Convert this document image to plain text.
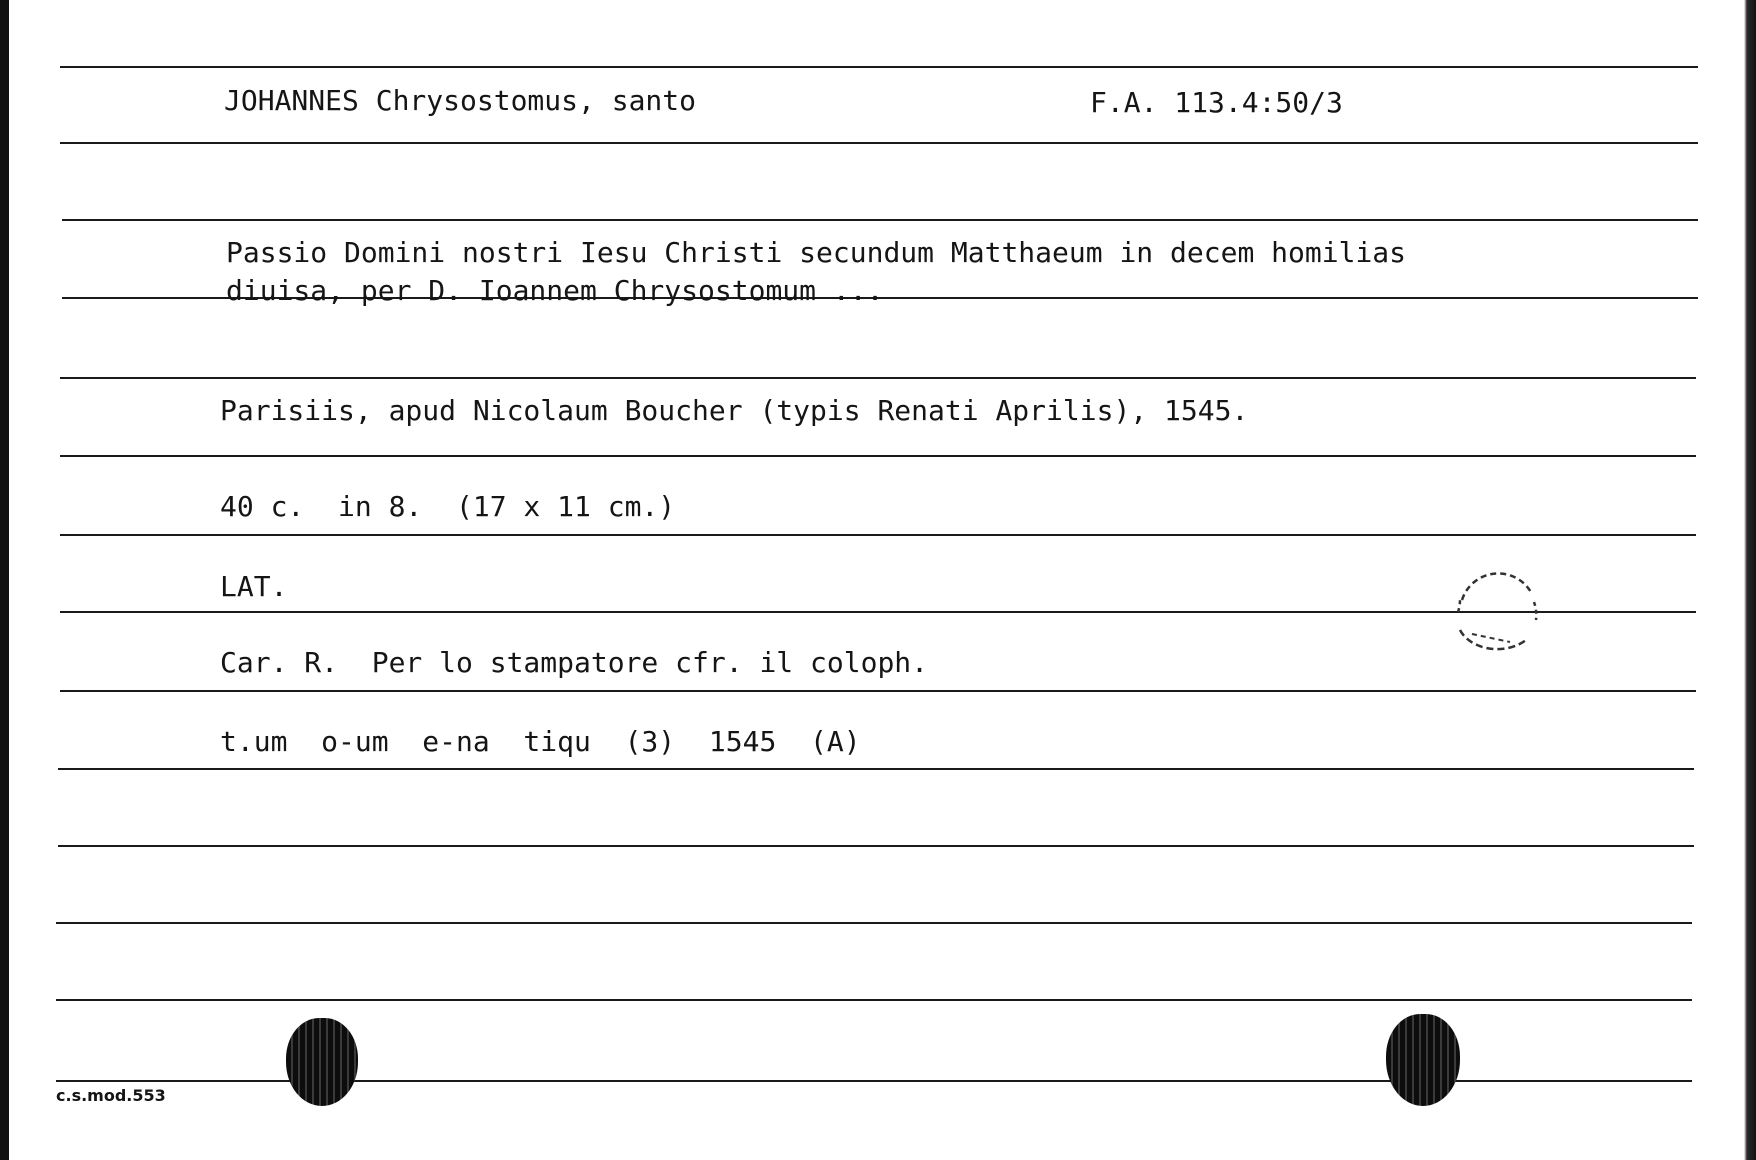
JOHANNES Chrysostomus, santo	F.A. 113.4:50/3
Passio Domini nostri Iesu Christi secundum Matthaeum in decem homilias
diuisa, per D. Ioannem Chrysostomum ...
Parisiis, apud Nicolaum Boucher (typis Renati Aprilis), 1545.
40 c.  in 8.  (17 x 11 cm.)
LAT.
Car. R.  Per lo stampatore cfr. il coloph.
t.um  o-um  e-na  tiqu  (3)  1545  (A)
c.s.mod.553
